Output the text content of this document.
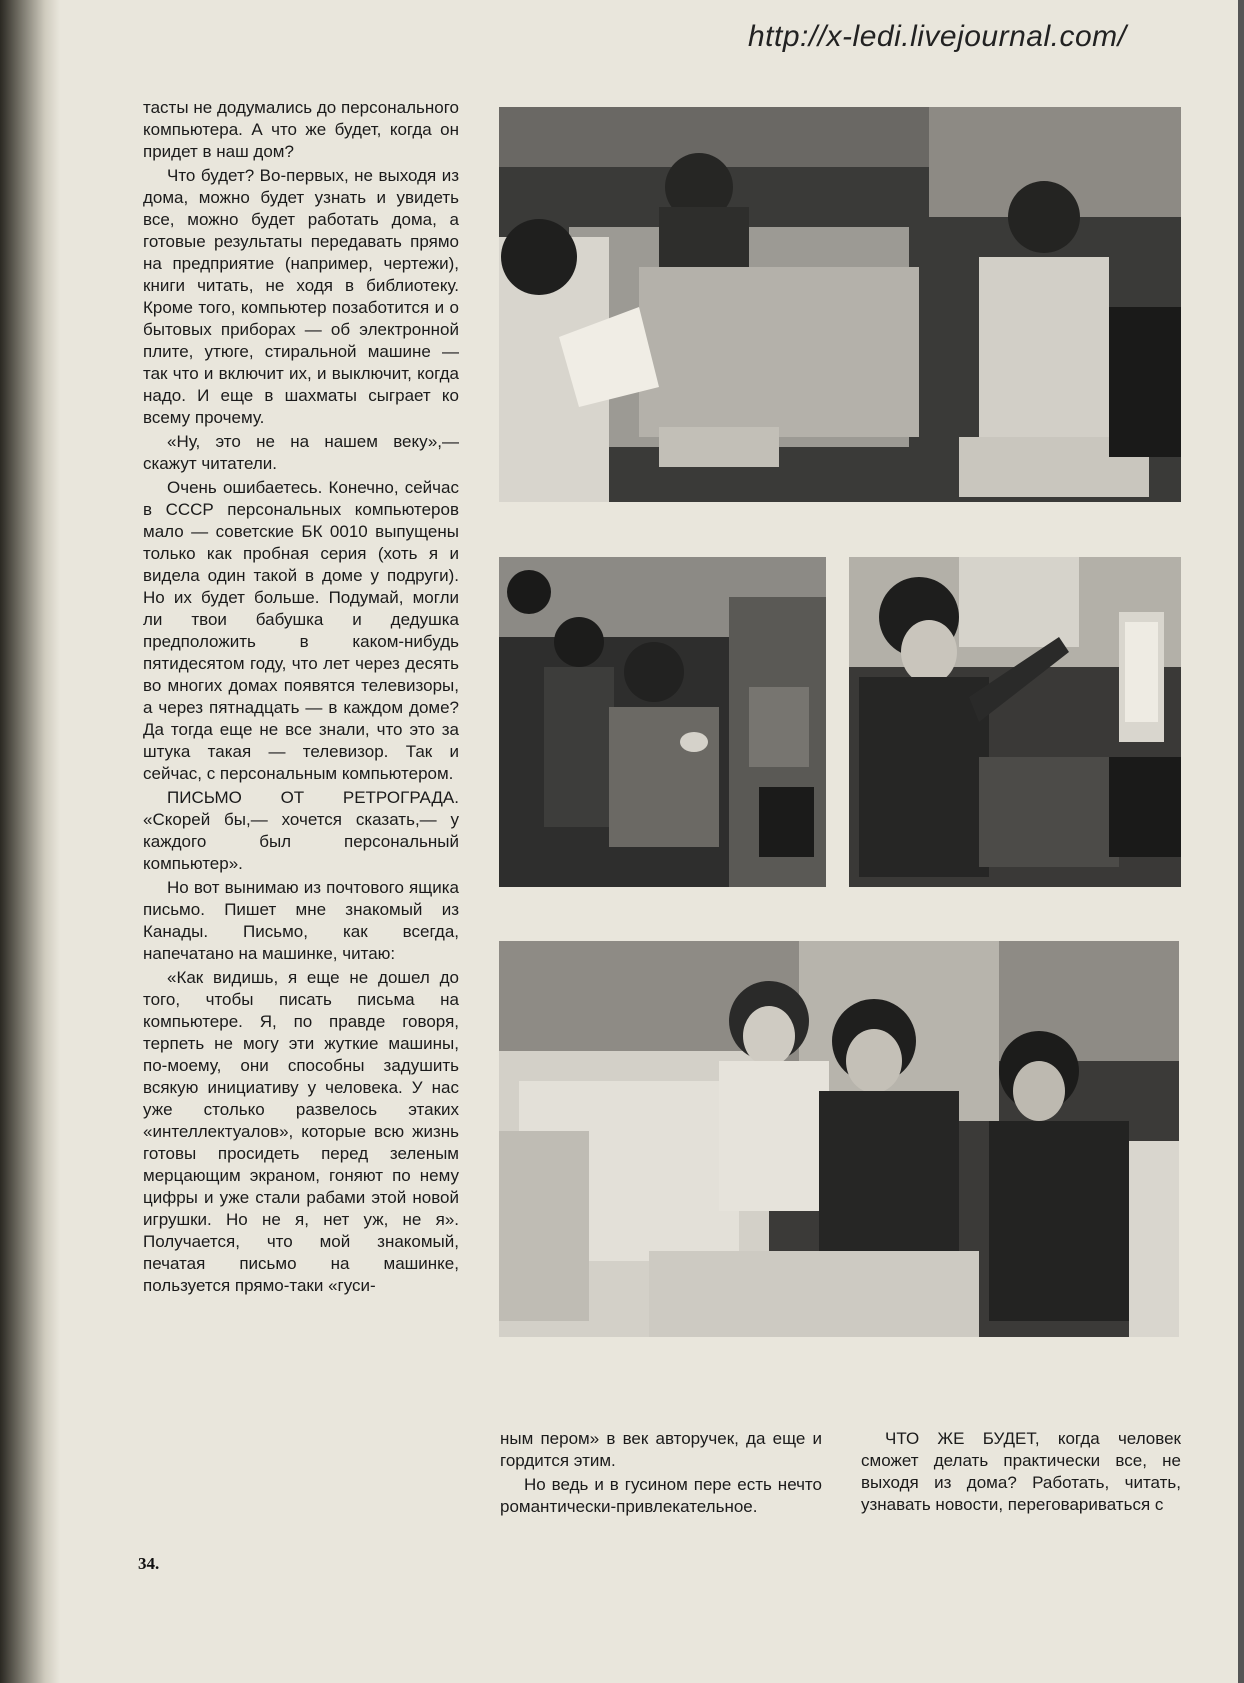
http://x-ledi.livejournal.com/

тасты не додумались до персонального компьютера. А что же будет, когда он придет в наш дом?

Что будет? Во-первых, не выходя из дома, можно будет узнать и увидеть все, можно будет работать дома, а готовые результаты передавать прямо на предприятие (например, чертежи), книги читать, не ходя в библиотеку. Кроме того, компьютер позаботится и о бытовых приборах — об электронной плите, утюге, стиральной машине — так что и включит их, и выключит, когда надо. И еще в шахматы сыграет ко всему прочему.

«Ну, это не на нашем веку»,— скажут читатели.

Очень ошибаетесь. Конечно, сейчас в СССР персональных компьютеров мало — советские БК 0010 выпущены только как пробная серия (хоть я и видела один такой в доме у подруги). Но их будет больше. Подумай, могли ли твои бабушка и дедушка предположить в каком-нибудь пятидесятом году, что лет через десять во многих домах появятся телевизоры, а через пятнадцать — в каждом доме? Да тогда еще не все знали, что это за штука такая — телевизор. Так и сейчас, с персональным компьютером.

ПИСЬМО ОТ РЕТРОГРАДА. «Скорей бы,— хочется сказать,— у каждого был персональный компьютер».

Но вот вынимаю из почтового ящика письмо. Пишет мне знакомый из Канады. Письмо, как всегда, напечатано на машинке, читаю:

«Как видишь, я еще не дошел до того, чтобы писать письма на компьютере. Я, по правде говоря, терпеть не могу эти жуткие машины, по-моему, они способны задушить всякую инициативу у человека. У нас уже столько развелось этаких «интеллектуалов», которые всю жизнь готовы просидеть перед зеленым мерцающим экраном, гоняют по нему цифры и уже стали рабами этой новой игрушки. Но не я, нет уж, не я». Получается, что мой знакомый, печатая письмо на машинке, пользуется прямо-таки «гуси-

ным пером» в век авторучек, да еще и гордится этим.

Но ведь и в гусином пере есть нечто романтически-привлекательное.

ЧТО ЖЕ БУДЕТ, когда человек сможет делать практически все, не выходя из дома? Работать, читать, узнавать новости, переговариваться с

34.
